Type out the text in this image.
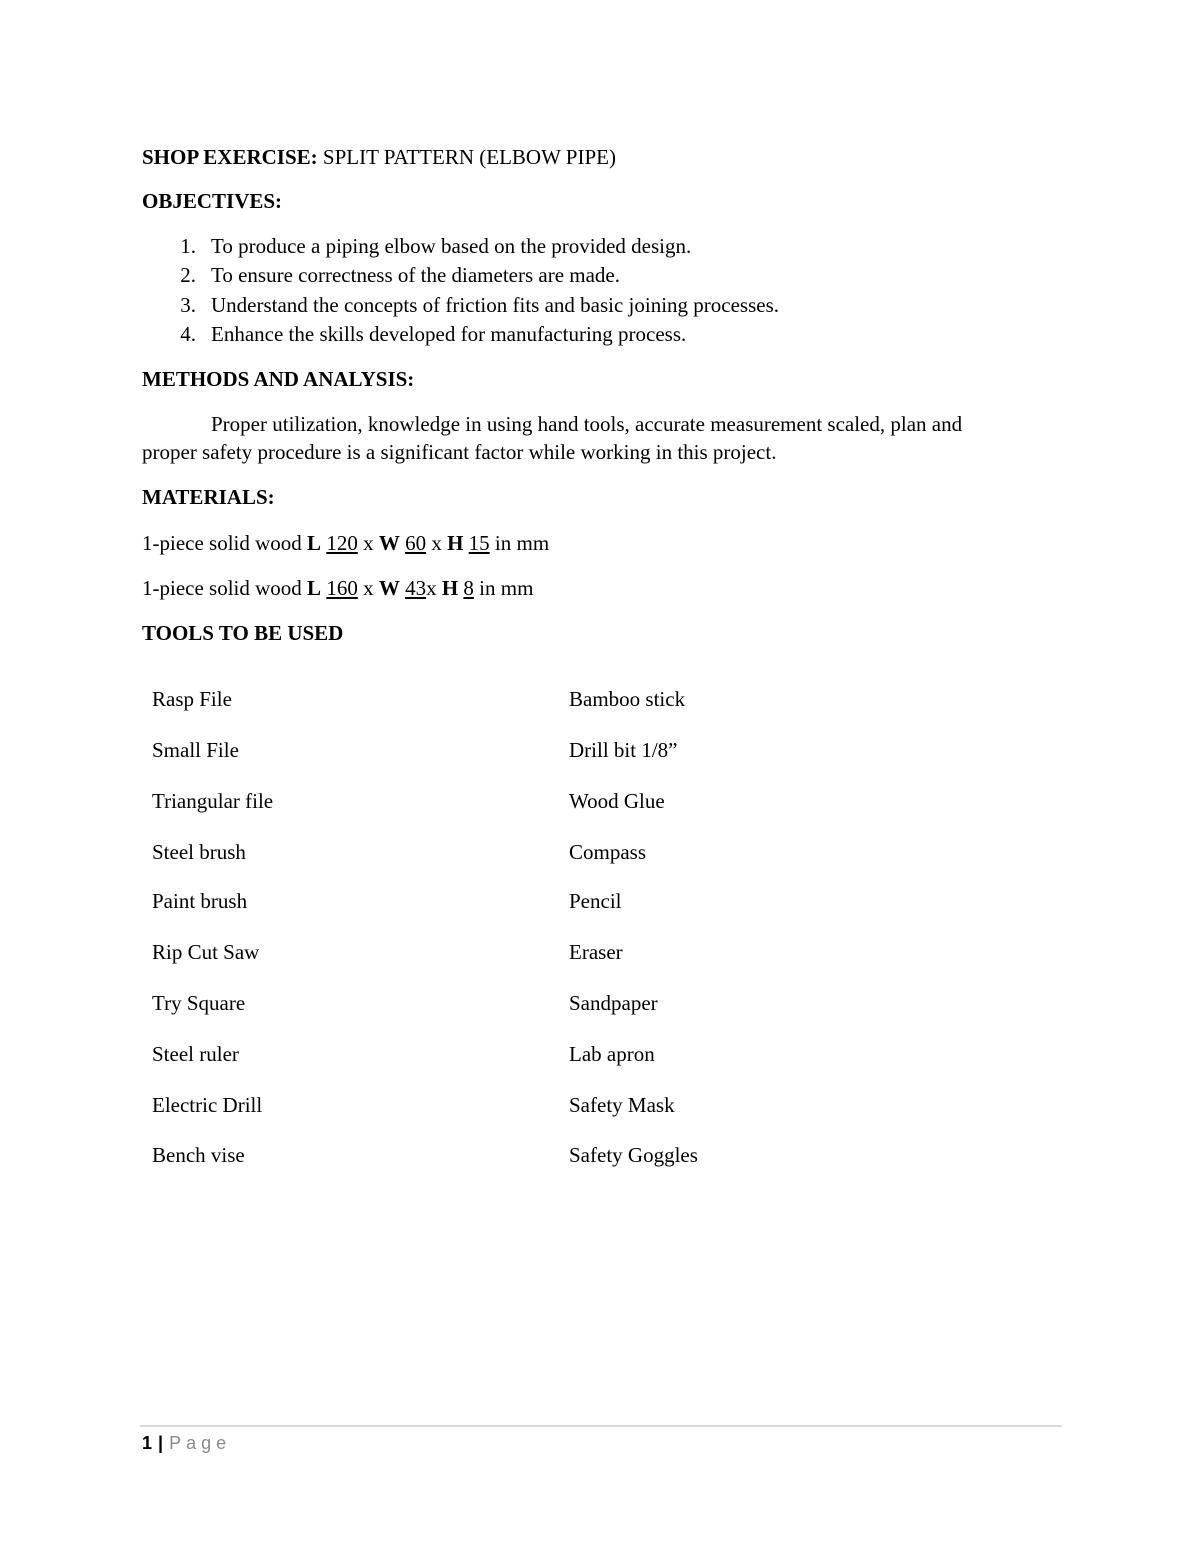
SHOP EXERCISE: SPLIT PATTERN (ELBOW PIPE)
OBJECTIVES:
1. To produce a piping elbow based on the provided design.
2. To ensure correctness of the diameters are made.
3. Understand the concepts of friction fits and basic joining processes.
4. Enhance the skills developed for manufacturing process.
METHODS AND ANALYSIS:
Proper utilization, knowledge in using hand tools, accurate measurement scaled, plan and
proper safety procedure is a significant factor while working in this project.
MATERIALS:
1-piece solid wood L 120 x W 60 x H 15 in mm
1-piece solid wood L 160 x W 43x H 8 in mm
TOOLS TO BE USED
Rasp File	Bamboo stick
Small File	Drill bit 1/8”
Triangular file	Wood Glue
Steel brush	Compass
Paint brush	Pencil
Rip Cut Saw	Eraser
Try Square	Sandpaper
Steel ruler	Lab apron
Electric Drill	Safety Mask
Bench vise	Safety Goggles
1 | Page
